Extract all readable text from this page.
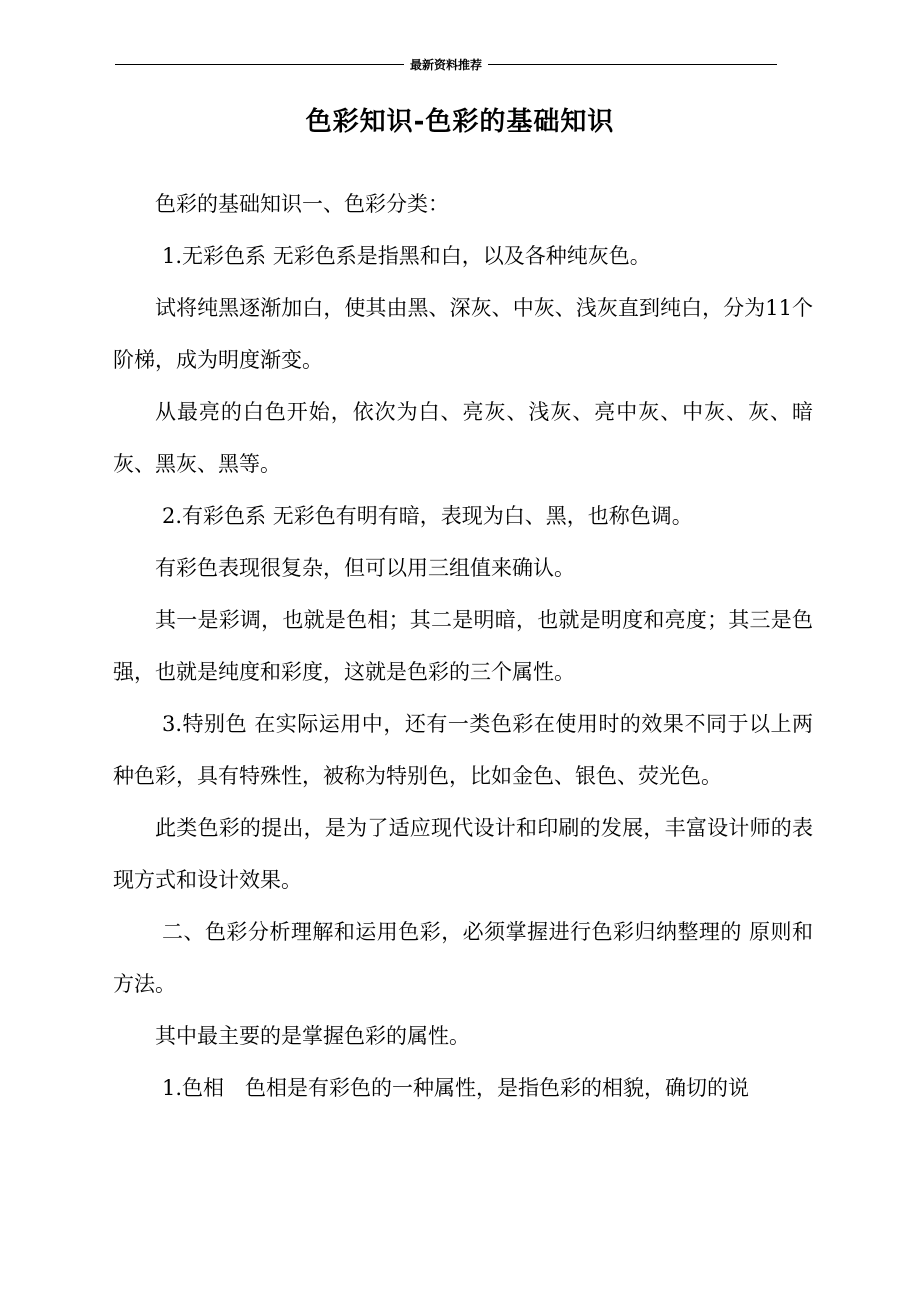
最新资料推荐
色彩知识-色彩的基础知识

色彩的基础知识一、色彩分类：

1.无彩色系 无彩色系是指黑和白，以及各种纯灰色。

试将纯黑逐渐加白，使其由黑、深灰、中灰、浅灰直到纯白，分为11个阶梯，成为明度渐变。

从最亮的白色开始，依次为白、亮灰、浅灰、亮中灰、中灰、灰、暗灰、黑灰、黑等。

2.有彩色系 无彩色有明有暗，表现为白、黑，也称色调。

有彩色表现很复杂，但可以用三组值来确认。

其一是彩调，也就是色相；其二是明暗，也就是明度和亮度；其三是色强，也就是纯度和彩度，这就是色彩的三个属性。

3.特别色 在实际运用中，还有一类色彩在使用时的效果不同于以上两种色彩，具有特殊性，被称为特别色，比如金色、银色、荧光色。

此类色彩的提出，是为了适应现代设计和印刷的发展，丰富设计师的表现方式和设计效果。

二、色彩分析理解和运用色彩，必须掌握进行色彩归纳整理的 原则和方法。

其中最主要的是掌握色彩的属性。

1.色相　色相是有彩色的一种属性，是指色彩的相貌，确切的说
